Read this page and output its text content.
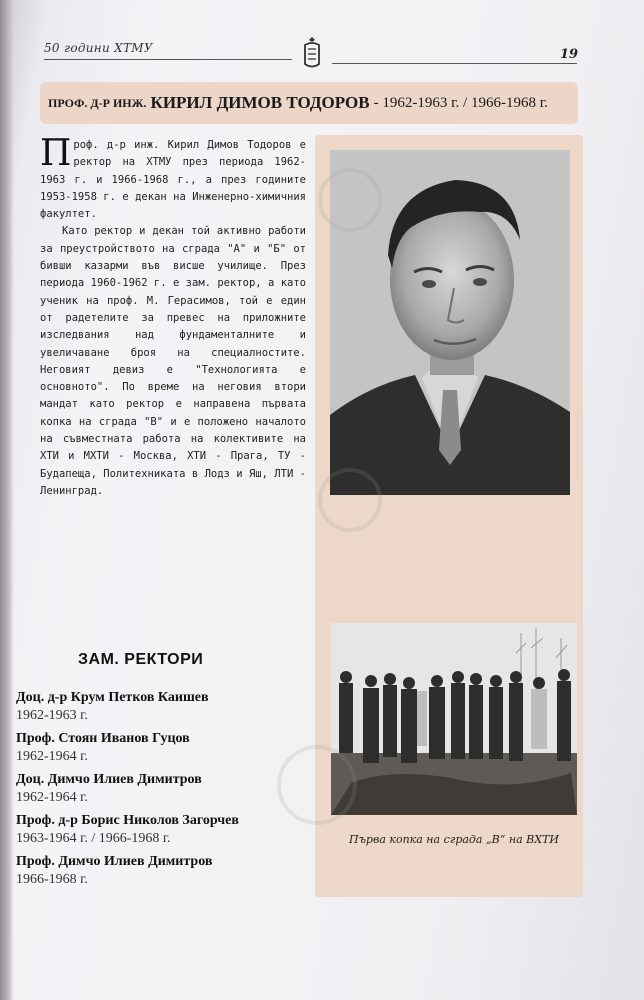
50 години ХТМУ	19
ПРОФ. Д-Р ИНЖ. КИРИЛ ДИМОВ ТОДОРОВ - 1962-1963 г. / 1966-1968 г.

Проф. д-р инж. Кирил Димов Тодоров е ректор на ХТМУ през периода 1962-1963 г. и 1966-1968 г., а през годините 1953-1958 г. е декан на Инженерно-химичния факултет.

Като ректор и декан той активно работи за преустройството на сграда "А" и "Б" от бивши казарми във висше училище. През периода 1960-1962 г. е зам. ректор, а като ученик на проф. М. Герасимов, той е един от радетелите за превес на приложните изследвания над фундаменталните и увеличаване броя на специалностите. Неговият девиз е "Технологията е основното". По време на неговия втори мандат като ректор е направена първата копка на сграда "В" и е положено началото на съвместната работа на колективите на ХТИ и МХТИ - Москва, ХТИ - Прага, ТУ - Будапеща, Политехниката в Лодз и Яш, ЛТИ - Ленинград.

Първа копка на сграда „В“ на ВХТИ
ЗАМ. РЕКТОРИ
Доц. д-р Крум Петков Каишев
1962-1963 г.
Проф. Стоян Иванов Гуцов
1962-1964 г.
Доц. Димчо Илиев Димитров
1962-1964 г.
Проф. д-р Борис Николов Загорчев
1963-1964 г. / 1966-1968 г.
Проф. Димчо Илиев Димитров
1966-1968 г.
